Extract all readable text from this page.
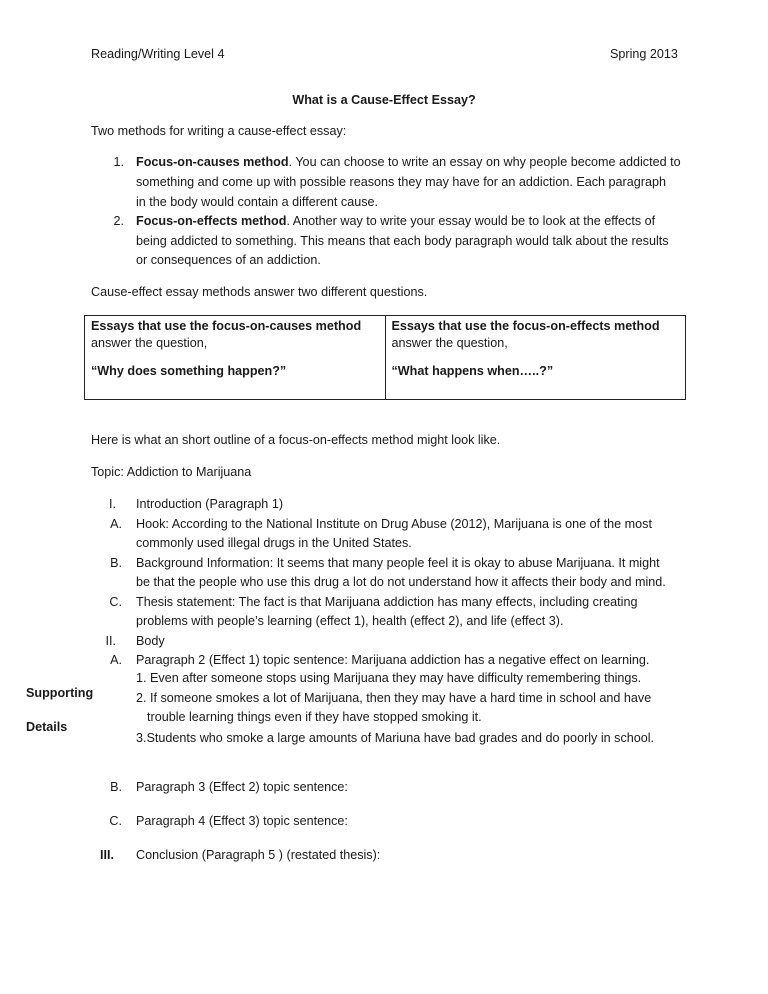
Reading/Writing Level 4	Spring 2013
What is a Cause-Effect Essay?
Two methods for writing a cause-effect essay:
1. Focus-on-causes method. You can choose to write an essay on why people become addicted to
something and come up with possible reasons they may have for an addiction. Each paragraph
in the body would contain a different cause.
2. Focus-on-effects method. Another way to write your essay would be to look at the effects of
being addicted to something. This means that each body paragraph would talk about the results
or consequences of an addiction.
Cause-effect essay methods answer two different questions.
Essays that use the focus-on-causes method
answer the question,
“Why does something happen?”

Essays that use the focus-on-effects method
answer the question,
“What happens when…..?”
Here is what an short outline of a focus-on-effects method might look like.
Topic: Addiction to Marijuana
I. Introduction (Paragraph 1)
A. Hook: According to the National Institute on Drug Abuse (2012), Marijuana is one of the most
commonly used illegal drugs in the United States.
B. Background Information: It seems that many people feel it is okay to abuse Marijuana. It might
be that the people who use this drug a lot do not understand how it affects their body and mind.
C. Thesis statement: The fact is that Marijuana addiction has many effects, including creating
problems with people’s learning (effect 1), health (effect 2), and life (effect 3).
II. Body
A. Paragraph 2 (Effect 1) topic sentence: Marijuana addiction has a negative effect on learning.
1. Even after someone stops using Marijuana they may have difficulty remembering things.
2. If someone smokes a lot of Marijuana, then they may have a hard time in school and have
trouble learning things even if they have stopped smoking it.
3.Students who smoke a large amounts of Mariuna have bad grades and do poorly in school.
Supporting
Details
B. Paragraph 3 (Effect 2) topic sentence:
C. Paragraph 4 (Effect 3) topic sentence:
III. Conclusion (Paragraph 5 ) (restated thesis):
